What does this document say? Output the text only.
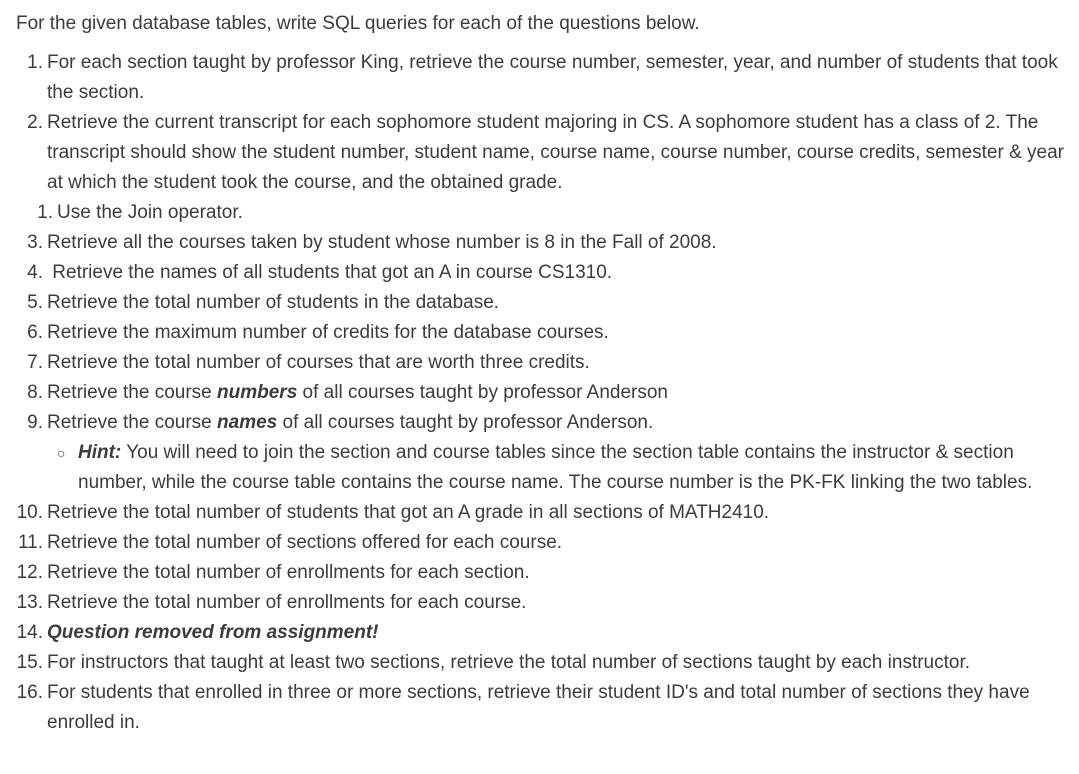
For the given database tables, write SQL queries for each of the questions below.
1. For each section taught by professor King, retrieve the course number, semester, year, and number of students that took the section.
2. Retrieve the current transcript for each sophomore student majoring in CS. A sophomore student has a class of 2. The transcript should show the student number, student name, course name, course number, course credits, semester & year at which the student took the course, and the obtained grade.
1. Use the Join operator.
3. Retrieve all the courses taken by student whose number is 8 in the Fall of 2008.
4. Retrieve the names of all students that got an A in course CS1310.
5. Retrieve the total number of students in the database.
6. Retrieve the maximum number of credits for the database courses.
7. Retrieve the total number of courses that are worth three credits.
8. Retrieve the course numbers of all courses taught by professor Anderson
9. Retrieve the course names of all courses taught by professor Anderson.
○ Hint: You will need to join the section and course tables since the section table contains the instructor & section number, while the course table contains the course name. The course number is the PK-FK linking the two tables.
10. Retrieve the total number of students that got an A grade in all sections of MATH2410.
11. Retrieve the total number of sections offered for each course.
12. Retrieve the total number of enrollments for each section.
13. Retrieve the total number of enrollments for each course.
14. Question removed from assignment!
15. For instructors that taught at least two sections, retrieve the total number of sections taught by each instructor.
16. For students that enrolled in three or more sections, retrieve their student ID's and total number of sections they have enrolled in.
